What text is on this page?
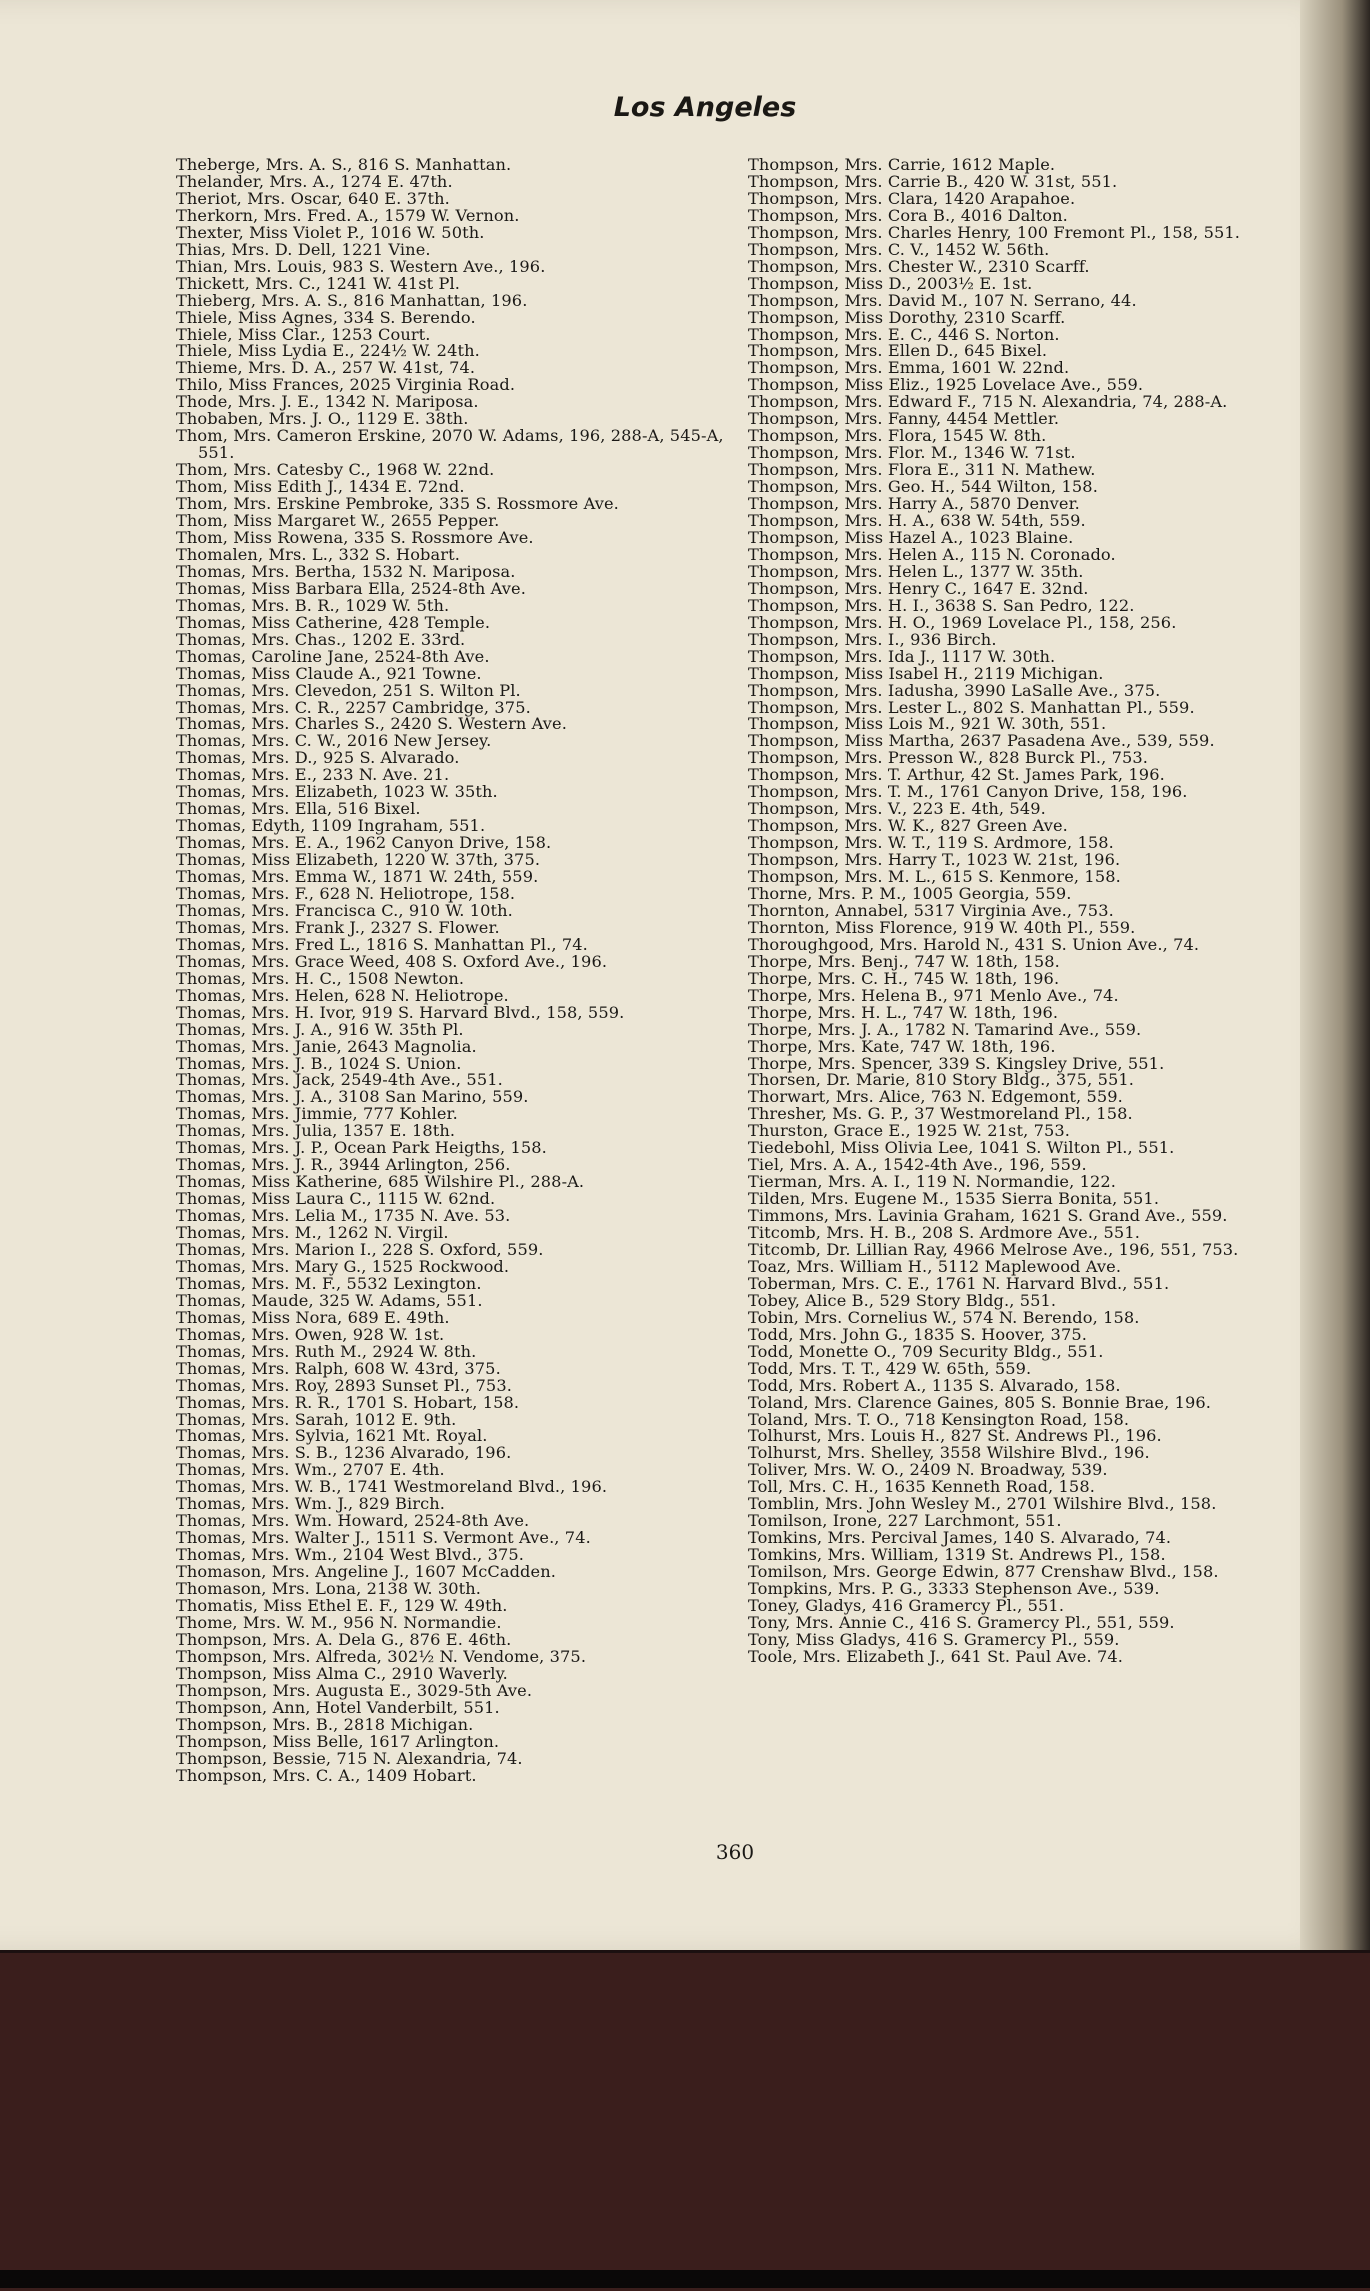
Los Angeles
Theberge, Mrs. A. S., 816 S. Manhattan.
Thelander, Mrs. A., 1274 E. 47th.
Theriot, Mrs. Oscar, 640 E. 37th.
Therkorn, Mrs. Fred. A., 1579 W. Vernon.
Thexter, Miss Violet P., 1016 W. 50th.
Thias, Mrs. D. Dell, 1221 Vine.
Thian, Mrs. Louis, 983 S. Western Ave., 196.
Thickett, Mrs. C., 1241 W. 41st Pl.
Thieberg, Mrs. A. S., 816 Manhattan, 196.
Thiele, Miss Agnes, 334 S. Berendo.
Thiele, Miss Clar., 1253 Court.
Thiele, Miss Lydia E., 224½ W. 24th.
Thieme, Mrs. D. A., 257 W. 41st, 74.
Thilo, Miss Frances, 2025 Virginia Road.
Thode, Mrs. J. E., 1342 N. Mariposa.
Thobaben, Mrs. J. O., 1129 E. 38th.
Thom, Mrs. Cameron Erskine, 2070 W. Adams, 196, 288-A, 545-A, 551.
Thom, Mrs. Catesby C., 1968 W. 22nd.
Thom, Miss Edith J., 1434 E. 72nd.
Thom, Mrs. Erskine Pembroke, 335 S. Rossmore Ave.
Thom, Miss Margaret W., 2655 Pepper.
Thom, Miss Rowena, 335 S. Rossmore Ave.
Thomalen, Mrs. L., 332 S. Hobart.
Thomas, Mrs. Bertha, 1532 N. Mariposa.
Thomas, Miss Barbara Ella, 2524-8th Ave.
Thomas, Mrs. B. R., 1029 W. 5th.
Thomas, Miss Catherine, 428 Temple.
Thomas, Mrs. Chas., 1202 E. 33rd.
Thomas, Caroline Jane, 2524-8th Ave.
Thomas, Miss Claude A., 921 Towne.
Thomas, Mrs. Clevedon, 251 S. Wilton Pl.
Thomas, Mrs. C. R., 2257 Cambridge, 375.
Thomas, Mrs. Charles S., 2420 S. Western Ave.
Thomas, Mrs. C. W., 2016 New Jersey.
Thomas, Mrs. D., 925 S. Alvarado.
Thomas, Mrs. E., 233 N. Ave. 21.
Thomas, Mrs. Elizabeth, 1023 W. 35th.
Thomas, Mrs. Ella, 516 Bixel.
Thomas, Edyth, 1109 Ingraham, 551.
Thomas, Mrs. E. A., 1962 Canyon Drive, 158.
Thomas, Miss Elizabeth, 1220 W. 37th, 375.
Thomas, Mrs. Emma W., 1871 W. 24th, 559.
Thomas, Mrs. F., 628 N. Heliotrope, 158.
Thomas, Mrs. Francisca C., 910 W. 10th.
Thomas, Mrs. Frank J., 2327 S. Flower.
Thomas, Mrs. Fred L., 1816 S. Manhattan Pl., 74.
Thomas, Mrs. Grace Weed, 408 S. Oxford Ave., 196.
Thomas, Mrs. H. C., 1508 Newton.
Thomas, Mrs. Helen, 628 N. Heliotrope.
Thomas, Mrs. H. Ivor, 919 S. Harvard Blvd., 158, 559.
Thomas, Mrs. J. A., 916 W. 35th Pl.
Thomas, Mrs. Janie, 2643 Magnolia.
Thomas, Mrs. J. B., 1024 S. Union.
Thomas, Mrs. Jack, 2549-4th Ave., 551.
Thomas, Mrs. J. A., 3108 San Marino, 559.
Thomas, Mrs. Jimmie, 777 Kohler.
Thomas, Mrs. Julia, 1357 E. 18th.
Thomas, Mrs. J. P., Ocean Park Heigths, 158.
Thomas, Mrs. J. R., 3944 Arlington, 256.
Thomas, Miss Katherine, 685 Wilshire Pl., 288-A.
Thomas, Miss Laura C., 1115 W. 62nd.
Thomas, Mrs. Lelia M., 1735 N. Ave. 53.
Thomas, Mrs. M., 1262 N. Virgil.
Thomas, Mrs. Marion I., 228 S. Oxford, 559.
Thomas, Mrs. Mary G., 1525 Rockwood.
Thomas, Mrs. M. F., 5532 Lexington.
Thomas, Maude, 325 W. Adams, 551.
Thomas, Miss Nora, 689 E. 49th.
Thomas, Mrs. Owen, 928 W. 1st.
Thomas, Mrs. Ruth M., 2924 W. 8th.
Thomas, Mrs. Ralph, 608 W. 43rd, 375.
Thomas, Mrs. Roy, 2893 Sunset Pl., 753.
Thomas, Mrs. R. R., 1701 S. Hobart, 158.
Thomas, Mrs. Sarah, 1012 E. 9th.
Thomas, Mrs. Sylvia, 1621 Mt. Royal.
Thomas, Mrs. S. B., 1236 Alvarado, 196.
Thomas, Mrs. Wm., 2707 E. 4th.
Thomas, Mrs. W. B., 1741 Westmoreland Blvd., 196.
Thomas, Mrs. Wm. J., 829 Birch.
Thomas, Mrs. Wm. Howard, 2524-8th Ave.
Thomas, Mrs. Walter J., 1511 S. Vermont Ave., 74.
Thomas, Mrs. Wm., 2104 West Blvd., 375.
Thomason, Mrs. Angeline J., 1607 McCadden.
Thomason, Mrs. Lona, 2138 W. 30th.
Thomatis, Miss Ethel E. F., 129 W. 49th.
Thome, Mrs. W. M., 956 N. Normandie.
Thompson, Mrs. A. Dela G., 876 E. 46th.
Thompson, Mrs. Alfreda, 302½ N. Vendome, 375.
Thompson, Miss Alma C., 2910 Waverly.
Thompson, Mrs. Augusta E., 3029-5th Ave.
Thompson, Ann, Hotel Vanderbilt, 551.
Thompson, Mrs. B., 2818 Michigan.
Thompson, Miss Belle, 1617 Arlington.
Thompson, Bessie, 715 N. Alexandria, 74.
Thompson, Mrs. C. A., 1409 Hobart.
Thompson, Mrs. Carrie, 1612 Maple.
Thompson, Mrs. Carrie B., 420 W. 31st, 551.
Thompson, Mrs. Clara, 1420 Arapahoe.
Thompson, Mrs. Cora B., 4016 Dalton.
Thompson, Mrs. Charles Henry, 100 Fremont Pl., 158, 551.
Thompson, Mrs. C. V., 1452 W. 56th.
Thompson, Mrs. Chester W., 2310 Scarff.
Thompson, Miss D., 2003½ E. 1st.
Thompson, Mrs. David M., 107 N. Serrano, 44.
Thompson, Miss Dorothy, 2310 Scarff.
Thompson, Mrs. E. C., 446 S. Norton.
Thompson, Mrs. Ellen D., 645 Bixel.
Thompson, Mrs. Emma, 1601 W. 22nd.
Thompson, Miss Eliz., 1925 Lovelace Ave., 559.
Thompson, Mrs. Edward F., 715 N. Alexandria, 74, 288-A.
Thompson, Mrs. Fanny, 4454 Mettler.
Thompson, Mrs. Flora, 1545 W. 8th.
Thompson, Mrs. Flor. M., 1346 W. 71st.
Thompson, Mrs. Flora E., 311 N. Mathew.
Thompson, Mrs. Geo. H., 544 Wilton, 158.
Thompson, Mrs. Harry A., 5870 Denver.
Thompson, Mrs. H. A., 638 W. 54th, 559.
Thompson, Miss Hazel A., 1023 Blaine.
Thompson, Mrs. Helen A., 115 N. Coronado.
Thompson, Mrs. Helen L., 1377 W. 35th.
Thompson, Mrs. Henry C., 1647 E. 32nd.
Thompson, Mrs. H. I., 3638 S. San Pedro, 122.
Thompson, Mrs. H. O., 1969 Lovelace Pl., 158, 256.
Thompson, Mrs. I., 936 Birch.
Thompson, Mrs. Ida J., 1117 W. 30th.
Thompson, Miss Isabel H., 2119 Michigan.
Thompson, Mrs. Iadusha, 3990 LaSalle Ave., 375.
Thompson, Mrs. Lester L., 802 S. Manhattan Pl., 559.
Thompson, Miss Lois M., 921 W. 30th, 551.
Thompson, Miss Martha, 2637 Pasadena Ave., 539, 559.
Thompson, Mrs. Presson W., 828 Burck Pl., 753.
Thompson, Mrs. T. Arthur, 42 St. James Park, 196.
Thompson, Mrs. T. M., 1761 Canyon Drive, 158, 196.
Thompson, Mrs. V., 223 E. 4th, 549.
Thompson, Mrs. W. K., 827 Green Ave.
Thompson, Mrs. W. T., 119 S. Ardmore, 158.
Thompson, Mrs. Harry T., 1023 W. 21st, 196.
Thompson, Mrs. M. L., 615 S. Kenmore, 158.
Thorne, Mrs. P. M., 1005 Georgia, 559.
Thornton, Annabel, 5317 Virginia Ave., 753.
Thornton, Miss Florence, 919 W. 40th Pl., 559.
Thoroughgood, Mrs. Harold N., 431 S. Union Ave., 74.
Thorpe, Mrs. Benj., 747 W. 18th, 158.
Thorpe, Mrs. C. H., 745 W. 18th, 196.
Thorpe, Mrs. Helena B., 971 Menlo Ave., 74.
Thorpe, Mrs. H. L., 747 W. 18th, 196.
Thorpe, Mrs. J. A., 1782 N. Tamarind Ave., 559.
Thorpe, Mrs. Kate, 747 W. 18th, 196.
Thorpe, Mrs. Spencer, 339 S. Kingsley Drive, 551.
Thorsen, Dr. Marie, 810 Story Bldg., 375, 551.
Thorwart, Mrs. Alice, 763 N. Edgemont, 559.
Thresher, Ms. G. P., 37 Westmoreland Pl., 158.
Thurston, Grace E., 1925 W. 21st, 753.
Tiedebohl, Miss Olivia Lee, 1041 S. Wilton Pl., 551.
Tiel, Mrs. A. A., 1542-4th Ave., 196, 559.
Tierman, Mrs. A. I., 119 N. Normandie, 122.
Tilden, Mrs. Eugene M., 1535 Sierra Bonita, 551.
Timmons, Mrs. Lavinia Graham, 1621 S. Grand Ave., 559.
Titcomb, Mrs. H. B., 208 S. Ardmore Ave., 551.
Titcomb, Dr. Lillian Ray, 4966 Melrose Ave., 196, 551, 753.
Toaz, Mrs. William H., 5112 Maplewood Ave.
Toberman, Mrs. C. E., 1761 N. Harvard Blvd., 551.
Tobey, Alice B., 529 Story Bldg., 551.
Tobin, Mrs. Cornelius W., 574 N. Berendo, 158.
Todd, Mrs. John G., 1835 S. Hoover, 375.
Todd, Monette O., 709 Security Bldg., 551.
Todd, Mrs. T. T., 429 W. 65th, 559.
Todd, Mrs. Robert A., 1135 S. Alvarado, 158.
Toland, Mrs. Clarence Gaines, 805 S. Bonnie Brae, 196.
Toland, Mrs. T. O., 718 Kensington Road, 158.
Tolhurst, Mrs. Louis H., 827 St. Andrews Pl., 196.
Tolhurst, Mrs. Shelley, 3558 Wilshire Blvd., 196.
Toliver, Mrs. W. O., 2409 N. Broadway, 539.
Toll, Mrs. C. H., 1635 Kenneth Road, 158.
Tomblin, Mrs. John Wesley M., 2701 Wilshire Blvd., 158.
Tomilson, Irone, 227 Larchmont, 551.
Tomkins, Mrs. Percival James, 140 S. Alvarado, 74.
Tomkins, Mrs. William, 1319 St. Andrews Pl., 158.
Tomilson, Mrs. George Edwin, 877 Crenshaw Blvd., 158.
Tompkins, Mrs. P. G., 3333 Stephenson Ave., 539.
Toney, Gladys, 416 Gramercy Pl., 551.
Tony, Mrs. Annie C., 416 S. Gramercy Pl., 551, 559.
Tony, Miss Gladys, 416 S. Gramercy Pl., 559.
Toole, Mrs. Elizabeth J., 641 St. Paul Ave. 74.
360
